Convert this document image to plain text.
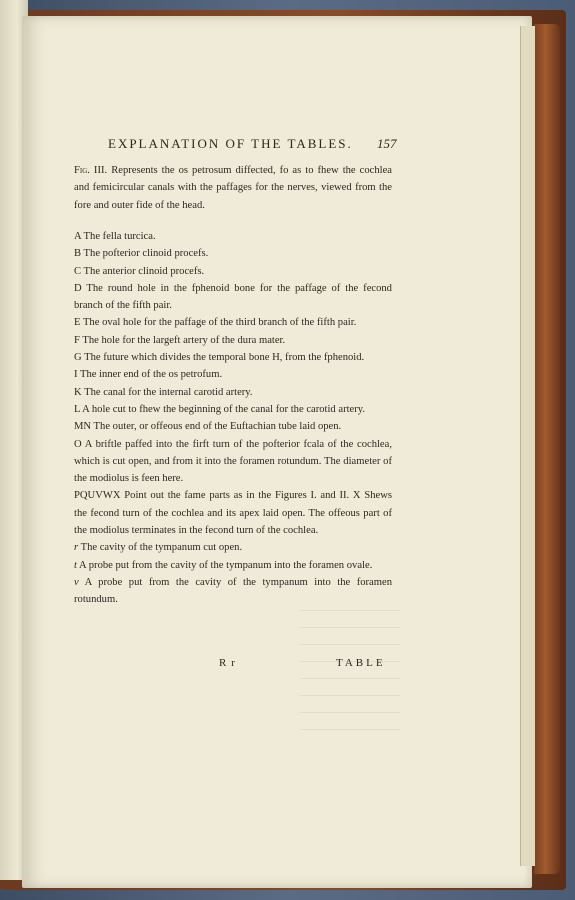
EXPLANATION OF THE TABLES. 157
Fig. III. Represents the os petrosum diffected, fo as to fhew the cochlea and femicircular canals with the paffages for the nerves, viewed from the fore and outer fide of the head.
A The fella turcica.
B The pofterior clinoid procefs.
C The anterior clinoid procefs.
D The round hole in the fphenoid bone for the paffage of the fecond branch of the fifth pair.
E The oval hole for the paffage of the third branch of the fifth pair.
F The hole for the largeft artery of the dura mater.
G The future which divides the temporal bone H, from the fphenoid.
I The inner end of the os petrofum.
K The canal for the internal carotid artery.
L A hole cut to fhew the beginning of the canal for the carotid artery.
MN The outer, or offeous end of the Euftachian tube laid open.
O A briftle paffed into the firft turn of the pofterior fcala of the cochlea, which is cut open, and from it into the foramen rotundum. The diameter of the modiolus is feen here.
PQUVWX Point out the fame parts as in the Figures I. and II. X Shews the fecond turn of the cochlea and its apex laid open. The offeous part of the modiolus terminates in the fecond turn of the cochlea.
r The cavity of the tympanum cut open.
t A probe put from the cavity of the tympanum into the foramen ovale.
v A probe put from the cavity of the tympanum into the foramen rotundum.
R r	TABLE
